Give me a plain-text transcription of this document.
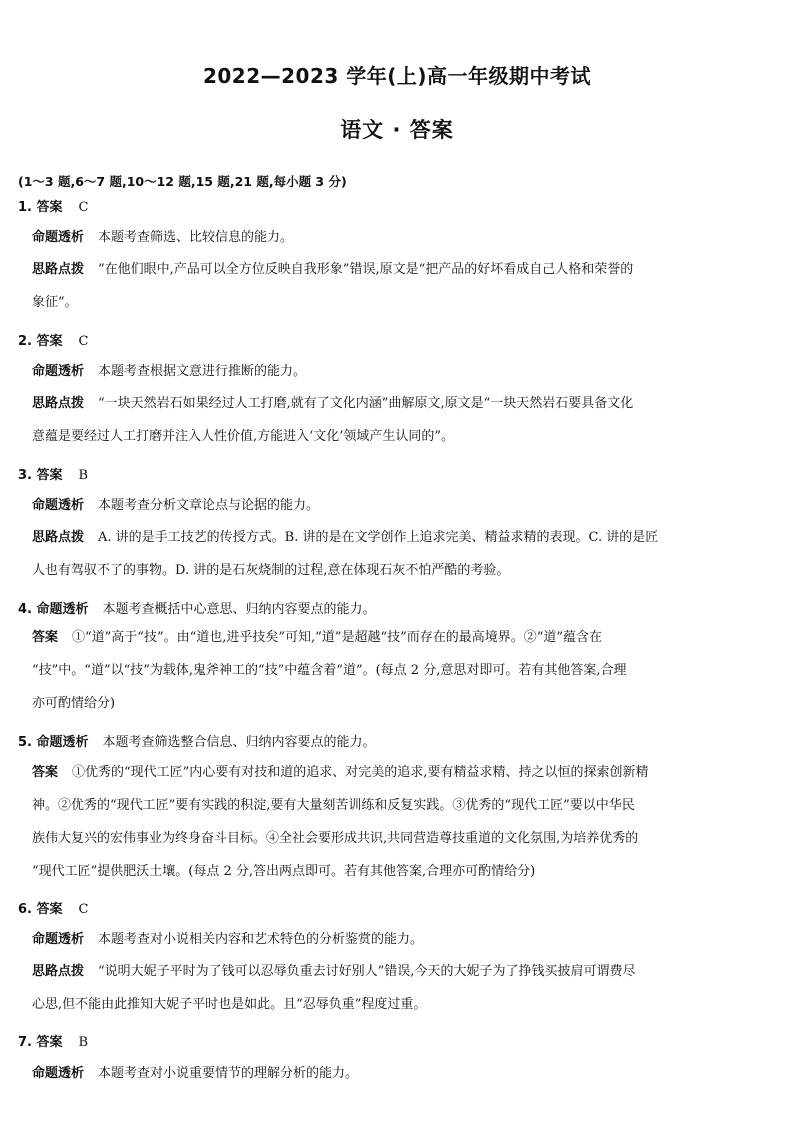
2022—2023 学年(上)高一年级期中考试
语文 · 答案
(1～3 题,6～7 题,10～12 题,15 题,21 题,每小题 3 分)
1. 答案 C
命题透析 本题考查筛选、比较信息的能力。
思路点拨 “在他们眼中,产品可以全方位反映自我形象”错误,原文是“把产品的好坏看成自己人格和荣誉的
象征”。
2. 答案 C
命题透析 本题考查根据文意进行推断的能力。
思路点拨 “一块天然岩石如果经过人工打磨,就有了文化内涵”曲解原文,原文是“一块天然岩石要具备文化
意蕴是要经过人工打磨并注入人性价值,方能进入‘文化’领域产生认同的”。
3. 答案 B
命题透析 本题考查分析文章论点与论据的能力。
思路点拨 A. 讲的是手工技艺的传授方式。B. 讲的是在文学创作上追求完美、精益求精的表现。C. 讲的是匠
人也有驾驭不了的事物。D. 讲的是石灰烧制的过程,意在体现石灰不怕严酷的考验。
4. 命题透析 本题考查概括中心意思、归纳内容要点的能力。
答案 ①“道”高于“技”。由“道也,进乎技矣”可知,“道”是超越“技”而存在的最高境界。②“道”蕴含在
“技”中。“道”以“技”为载体,鬼斧神工的“技”中蕴含着“道”。(每点 2 分,意思对即可。若有其他答案,合理
亦可酌情给分)
5. 命题透析 本题考查筛选整合信息、归纳内容要点的能力。
答案 ①优秀的“现代工匠”内心要有对技和道的追求、对完美的追求,要有精益求精、持之以恒的探索创新精
神。②优秀的“现代工匠”要有实践的积淀,要有大量刻苦训练和反复实践。③优秀的“现代工匠”要以中华民
族伟大复兴的宏伟事业为终身奋斗目标。④全社会要形成共识,共同营造尊技重道的文化氛围,为培养优秀的
“现代工匠”提供肥沃土壤。(每点 2 分,答出两点即可。若有其他答案,合理亦可酌情给分)
6. 答案 C
命题透析 本题考查对小说相关内容和艺术特色的分析鉴赏的能力。
思路点拨 “说明大妮子平时为了钱可以忍辱负重去讨好别人”错误,今天的大妮子为了挣钱买披肩可谓费尽
心思,但不能由此推知大妮子平时也是如此。且“忍辱负重”程度过重。
7. 答案 B
命题透析 本题考查对小说重要情节的理解分析的能力。
